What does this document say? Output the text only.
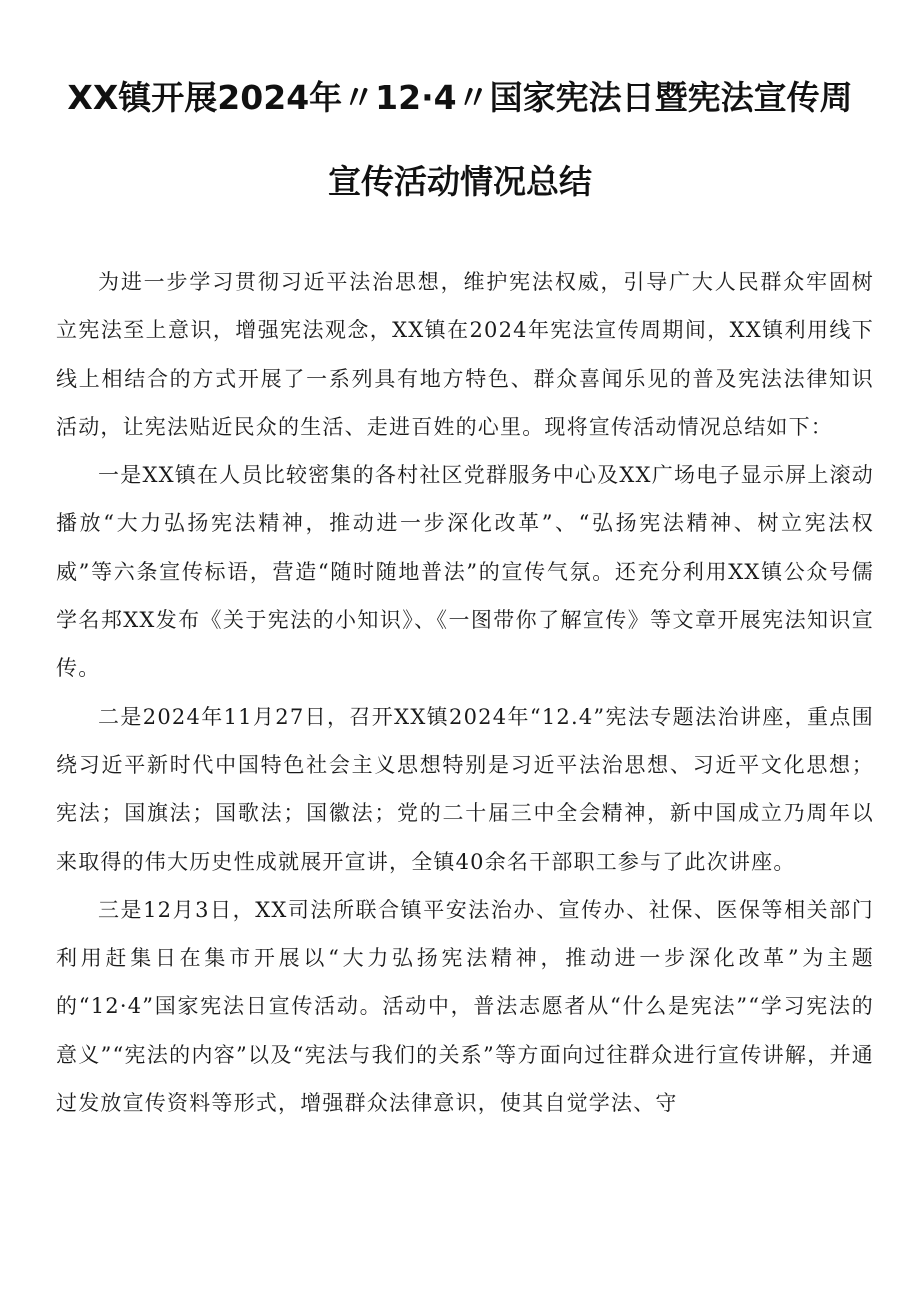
XX镇开展2024年〃12·4〃国家宪法日暨宪法宣传周
宣传活动情况总结

为进一步学习贯彻习近平法治思想，维护宪法权威，引导广大人民群众牢固树立宪法至上意识，增强宪法观念，XX镇在2024年宪法宣传周期间，XX镇利用线下线上相结合的方式开展了一系列具有地方特色、群众喜闻乐见的普及宪法法律知识活动，让宪法贴近民众的生活、走进百姓的心里。现将宣传活动情况总结如下：

一是XX镇在人员比较密集的各村社区党群服务中心及XX广场电子显示屏上滚动播放“大力弘扬宪法精神，推动进一步深化改革”、“弘扬宪法精神、树立宪法权威”等六条宣传标语，营造“随时随地普法”的宣传气氛。还充分利用XX镇公众号儒学名邦XX发布《关于宪法的小知识》、《一图带你了解宣传》等文章开展宪法知识宣传。

二是2024年11月27日，召开XX镇2024年“12.4”宪法专题法治讲座，重点围绕习近平新时代中国特色社会主义思想特别是习近平法治思想、习近平文化思想；宪法；国旗法；国歌法；国徽法；党的二十届三中全会精神，新中国成立乃周年以来取得的伟大历史性成就展开宣讲，全镇40余名干部职工参与了此次讲座。

三是12月3日，XX司法所联合镇平安法治办、宣传办、社保、医保等相关部门利用赶集日在集市开展以“大力弘扬宪法精神，推动进一步深化改革”为主题的“12·4”国家宪法日宣传活动。活动中，普法志愿者从“什么是宪法”“学习宪法的意义”“宪法的内容”以及“宪法与我们的关系”等方面向过往群众进行宣传讲解，并通过发放宣传资料等形式，增强群众法律意识，使其自觉学法、守
